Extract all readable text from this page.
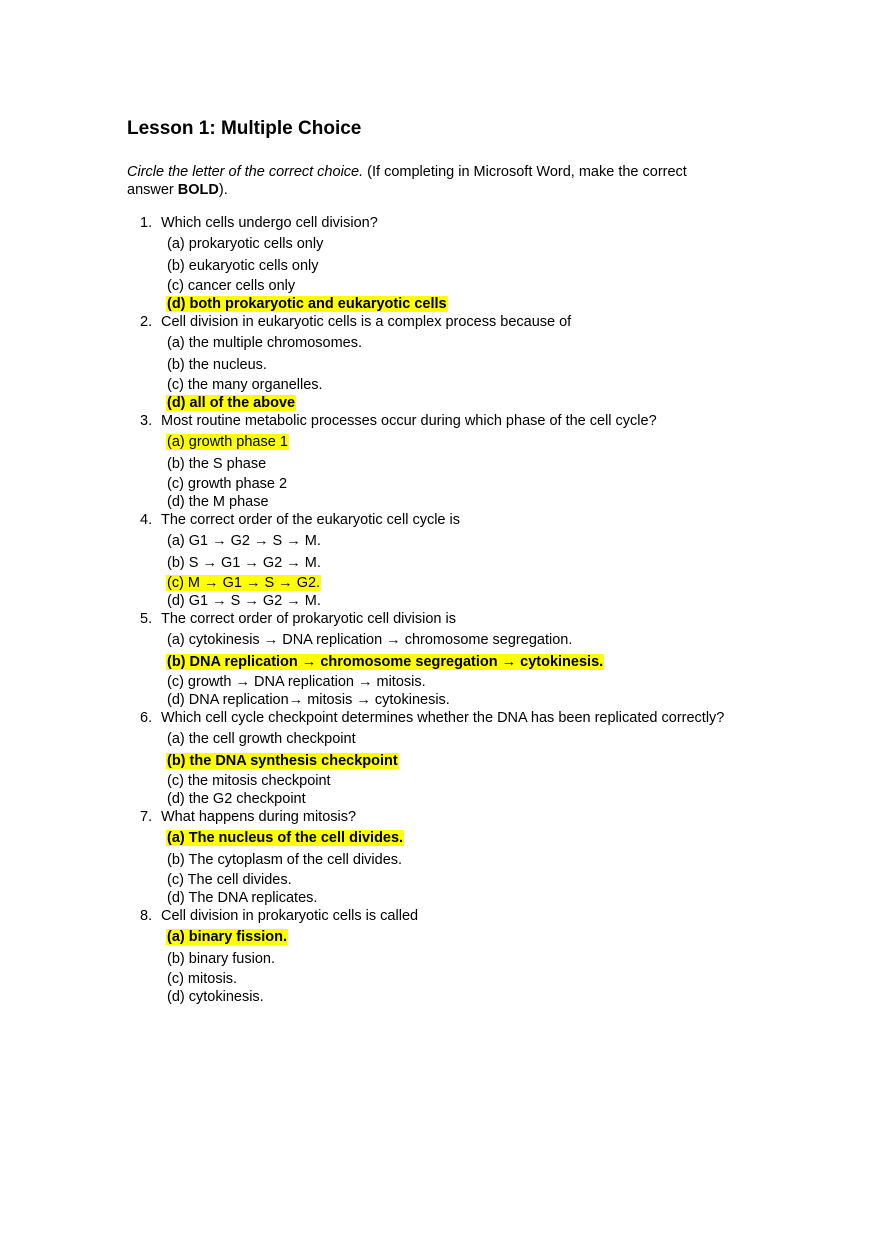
Lesson 1: Multiple Choice
Circle the letter of the correct choice. (If completing in Microsoft Word, make the correct answer BOLD).
1. Which cells undergo cell division?
(a) prokaryotic cells only
(b) eukaryotic cells only
(c) cancer cells only
(d) both prokaryotic and eukaryotic cells
2. Cell division in eukaryotic cells is a complex process because of
(a) the multiple chromosomes.
(b) the nucleus.
(c) the many organelles.
(d) all of the above
3. Most routine metabolic processes occur during which phase of the cell cycle?
(a) growth phase 1
(b) the S phase
(c) growth phase 2
(d) the M phase
4. The correct order of the eukaryotic cell cycle is
(a) G1 → G2 → S → M.
(b) S → G1 → G2 → M.
(c) M → G1 → S → G2.
(d) G1 → S → G2 → M.
5. The correct order of prokaryotic cell division is
(a) cytokinesis → DNA replication → chromosome segregation.
(b) DNA replication → chromosome segregation → cytokinesis.
(c) growth → DNA replication → mitosis.
(d) DNA replication→ mitosis → cytokinesis.
6. Which cell cycle checkpoint determines whether the DNA has been replicated correctly?
(a) the cell growth checkpoint
(b) the DNA synthesis checkpoint
(c) the mitosis checkpoint
(d) the G2 checkpoint
7. What happens during mitosis?
(a) The nucleus of the cell divides.
(b) The cytoplasm of the cell divides.
(c) The cell divides.
(d) The DNA replicates.
8. Cell division in prokaryotic cells is called
(a) binary fission.
(b) binary fusion.
(c) mitosis.
(d) cytokinesis.
